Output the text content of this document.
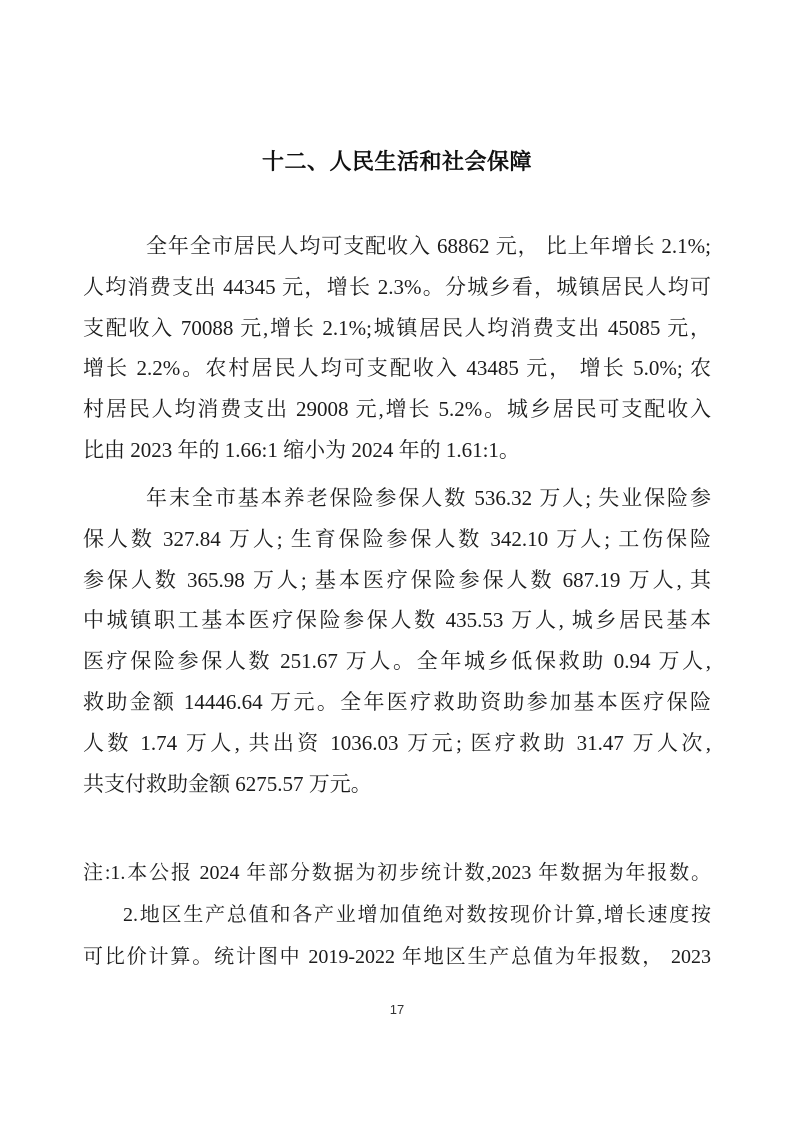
十二、人民生活和社会保障
全年全市居民人均可支配收入 68862 元， 比上年增长 2.1%;
人均消费支出 44345 元，增长 2.3%。分城乡看，城镇居民人均可
支配收入 70088 元,增长 2.1%;城镇居民人均消费支出 45085 元，
增长 2.2%。农村居民人均可支配收入 43485 元， 增长 5.0%; 农
村居民人均消费支出 29008 元,增长 5.2%。城乡居民可支配收入
比由 2023 年的 1.66:1 缩小为 2024 年的 1.61:1。
年末全市基本养老保险参保人数 536.32 万人; 失业保险参
保人数 327.84 万人; 生育保险参保人数 342.10 万人; 工伤保险
参保人数 365.98 万人; 基本医疗保险参保人数 687.19 万人, 其
中城镇职工基本医疗保险参保人数 435.53 万人, 城乡居民基本
医疗保险参保人数 251.67 万人。全年城乡低保救助 0.94 万人,
救助金额 14446.64 万元。全年医疗救助资助参加基本医疗保险
人数 1.74 万人, 共出资 1036.03 万元; 医疗救助 31.47 万人次,
共支付救助金额 6275.57 万元。
注:1.本公报 2024 年部分数据为初步统计数,2023 年数据为年报数。
2.地区生产总值和各产业增加值绝对数按现价计算,增长速度按
可比价计算。统计图中 2019-2022 年地区生产总值为年报数， 2023
17
